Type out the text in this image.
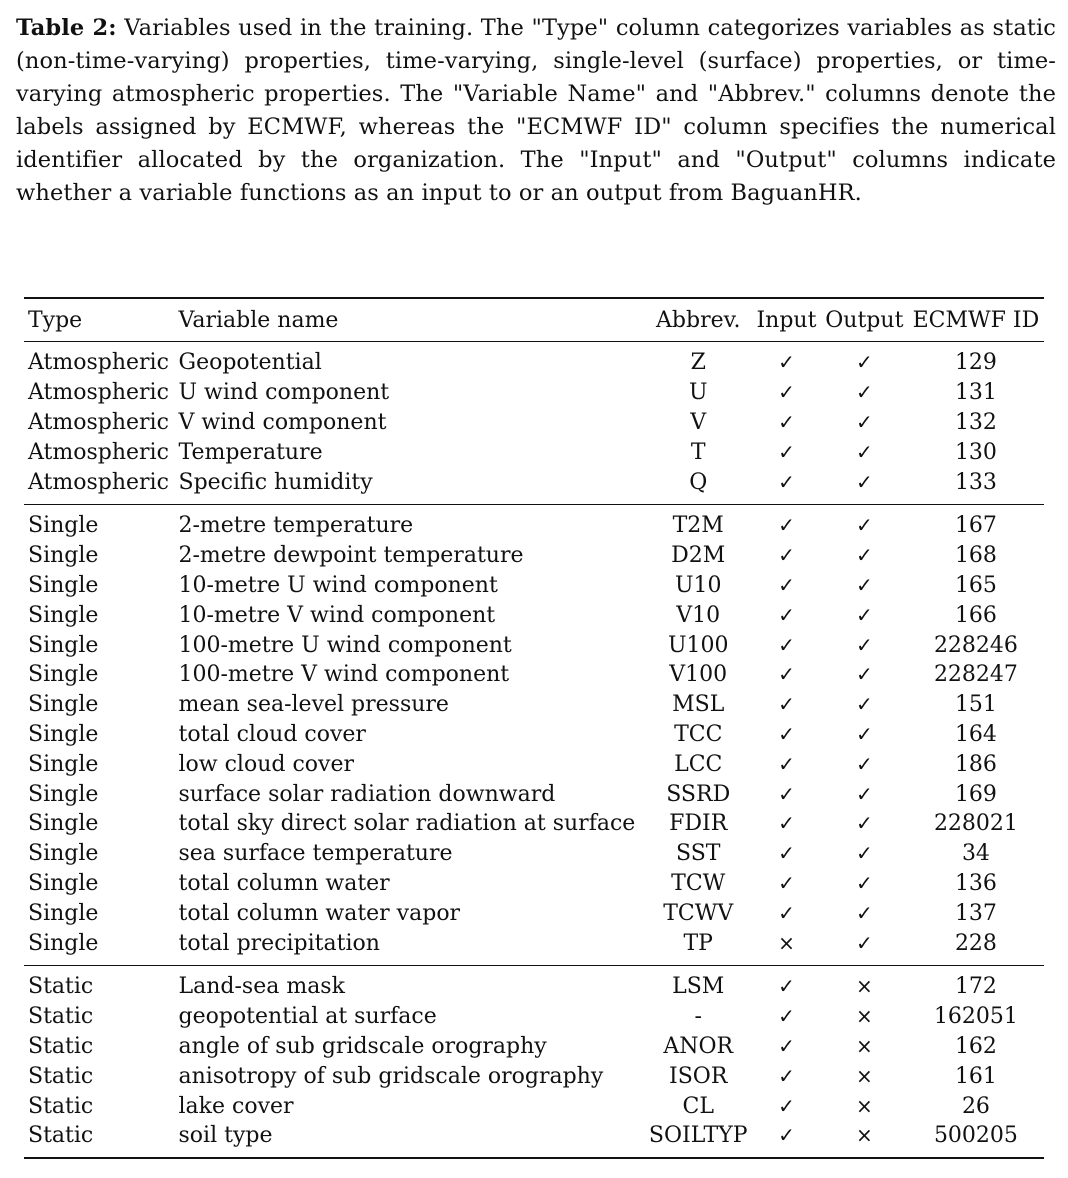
Table 2: Variables used in the training. The "Type" column categorizes variables as static (non-time-varying) properties, time-varying, single-level (surface) properties, or time-varying atmospheric properties. The "Variable Name" and "Abbrev." columns denote the labels assigned by ECMWF, whereas the "ECMWF ID" column specifies the numerical identifier allocated by the organization. The "Input" and "Output" columns indicate whether a variable functions as an input to or an output from BaguanHR.
Type	Variable name	Abbrev.	Input	Output	ECMWF ID
Atmospheric	Geopotential	Z	✓	✓	129
Atmospheric	U wind component	U	✓	✓	131
Atmospheric	V wind component	V	✓	✓	132
Atmospheric	Temperature	T	✓	✓	130
Atmospheric	Specific humidity	Q	✓	✓	133
Single	2-metre temperature	T2M	✓	✓	167
Single	2-metre dewpoint temperature	D2M	✓	✓	168
Single	10-metre U wind component	U10	✓	✓	165
Single	10-metre V wind component	V10	✓	✓	166
Single	100-metre U wind component	U100	✓	✓	228246
Single	100-metre V wind component	V100	✓	✓	228247
Single	mean sea-level pressure	MSL	✓	✓	151
Single	total cloud cover	TCC	✓	✓	164
Single	low cloud cover	LCC	✓	✓	186
Single	surface solar radiation downward	SSRD	✓	✓	169
Single	total sky direct solar radiation at surface	FDIR	✓	✓	228021
Single	sea surface temperature	SST	✓	✓	34
Single	total column water	TCW	✓	✓	136
Single	total column water vapor	TCWV	✓	✓	137
Single	total precipitation	TP	×	✓	228
Static	Land-sea mask	LSM	✓	×	172
Static	geopotential at surface	-	✓	×	162051
Static	angle of sub gridscale orography	ANOR	✓	×	162
Static	anisotropy of sub gridscale orography	ISOR	✓	×	161
Static	lake cover	CL	✓	×	26
Static	soil type	SOILTYP	✓	×	500205
